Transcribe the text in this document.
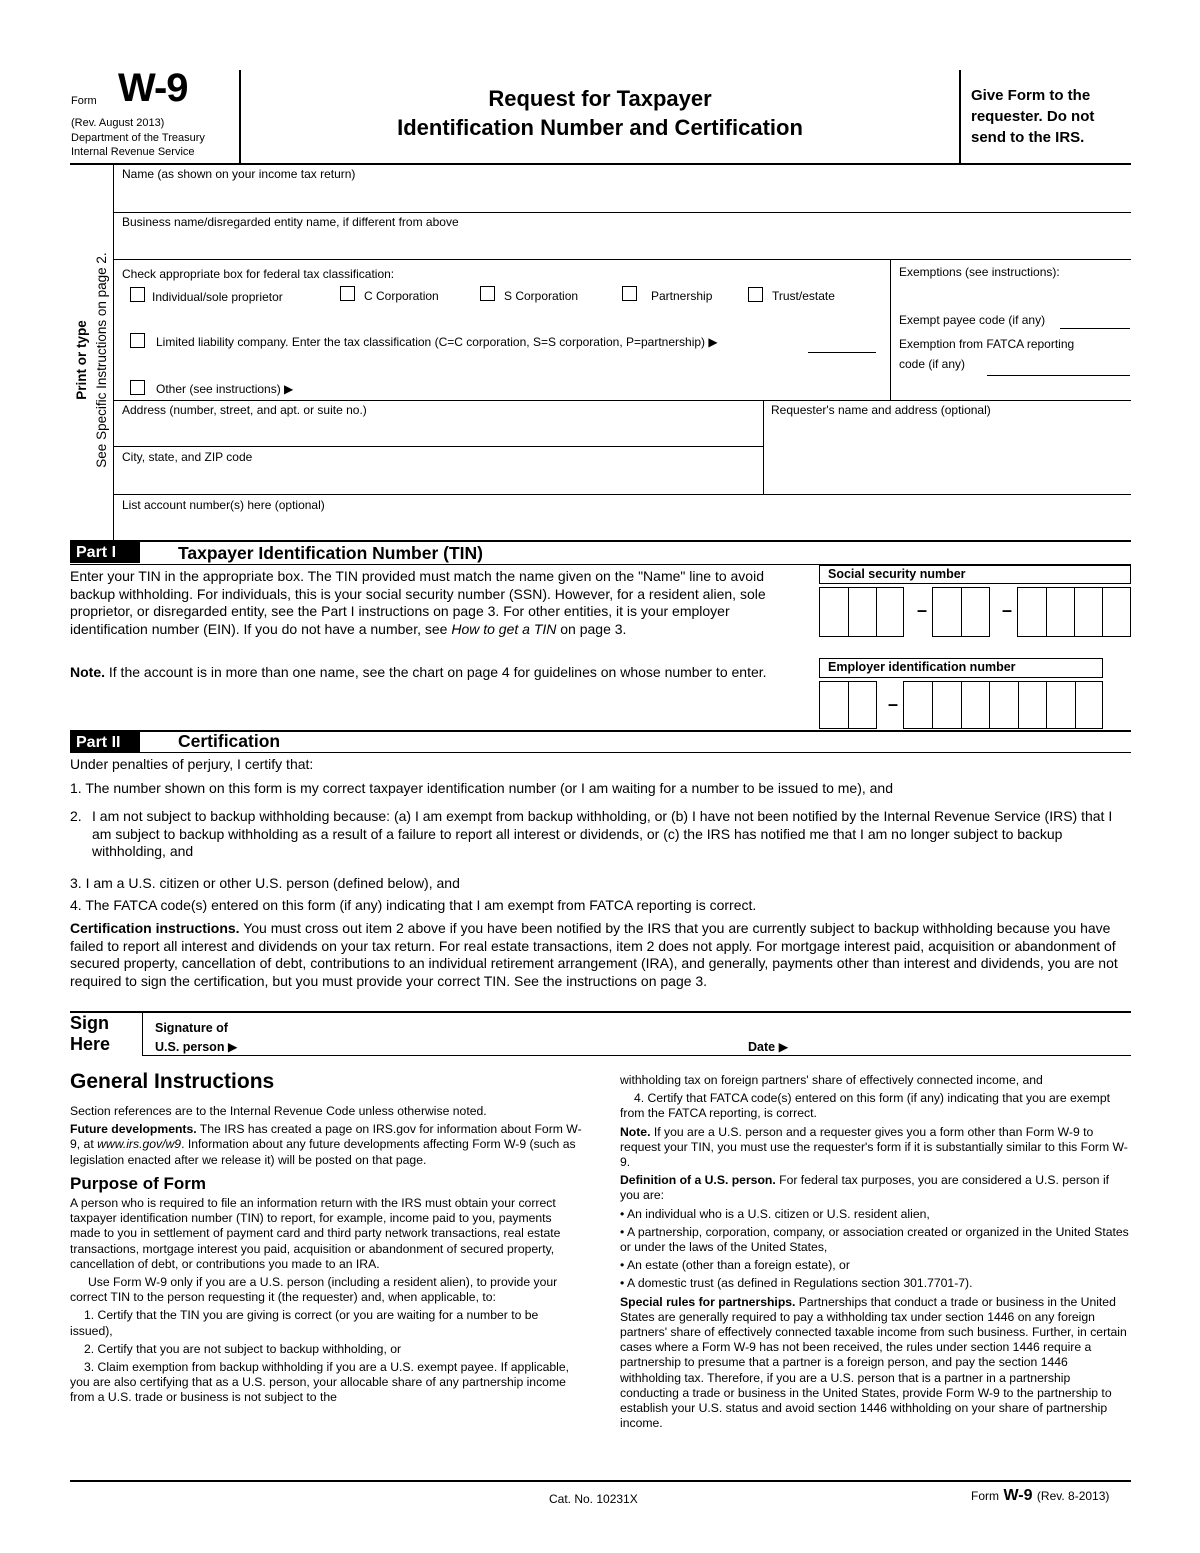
Form W-9
(Rev. August 2013)
Department of the Treasury
Internal Revenue Service
Request for Taxpayer
Identification Number and Certification
Give Form to the
requester. Do not
send to the IRS.
Print or type See Specific Instructions on page 2.
Name (as shown on your income tax return)
Business name/disregarded entity name, if different from above
Check appropriate box for federal tax classification:
Individual/sole proprietor	C Corporation	S Corporation	Partnership	Trust/estate
Limited liability company. Enter the tax classification (C=C corporation, S=S corporation, P=partnership) ▶
Other (see instructions) ▶
Exemptions (see instructions):
Exempt payee code (if any)
Exemption from FATCA reporting
code (if any)
Address (number, street, and apt. or suite no.)	Requester's name and address (optional)
City, state, and ZIP code
List account number(s) here (optional)
Part I	Taxpayer Identification Number (TIN)
Enter your TIN in the appropriate box. The TIN provided must match the name given on the "Name" line to avoid backup withholding. For individuals, this is your social security number (SSN). However, for a resident alien, sole proprietor, or disregarded entity, see the Part I instructions on page 3. For other entities, it is your employer identification number (EIN). If you do not have a number, see How to get a TIN on page 3.
Note. If the account is in more than one name, see the chart on page 4 for guidelines on whose number to enter.
Social security number
–	–
Employer identification number
–
Part II	Certification
Under penalties of perjury, I certify that:
1. The number shown on this form is my correct taxpayer identification number (or I am waiting for a number to be issued to me), and
2. I am not subject to backup withholding because: (a) I am exempt from backup withholding, or (b) I have not been notified by the Internal Revenue Service (IRS) that I am subject to backup withholding as a result of a failure to report all interest or dividends, or (c) the IRS has notified me that I am no longer subject to backup withholding, and
3. I am a U.S. citizen or other U.S. person (defined below), and
4. The FATCA code(s) entered on this form (if any) indicating that I am exempt from FATCA reporting is correct.
Certification instructions. You must cross out item 2 above if you have been notified by the IRS that you are currently subject to backup withholding because you have failed to report all interest and dividends on your tax return. For real estate transactions, item 2 does not apply. For mortgage interest paid, acquisition or abandonment of secured property, cancellation of debt, contributions to an individual retirement arrangement (IRA), and generally, payments other than interest and dividends, you are not required to sign the certification, but you must provide your correct TIN. See the instructions on page 3.
Sign
Here
Signature of
U.S. person ▶	Date ▶
General Instructions

Section references are to the Internal Revenue Code unless otherwise noted.

Future developments. The IRS has created a page on IRS.gov for information about Form W-9, at www.irs.gov/w9. Information about any future developments affecting Form W-9 (such as legislation enacted after we release it) will be posted on that page.

Purpose of Form

A person who is required to file an information return with the IRS must obtain your correct taxpayer identification number (TIN) to report, for example, income paid to you, payments made to you in settlement of payment card and third party network transactions, real estate transactions, mortgage interest you paid, acquisition or abandonment of secured property, cancellation of debt, or contributions you made to an IRA.

Use Form W-9 only if you are a U.S. person (including a resident alien), to provide your correct TIN to the person requesting it (the requester) and, when applicable, to:

1. Certify that the TIN you are giving is correct (or you are waiting for a number to be issued),

2. Certify that you are not subject to backup withholding, or

3. Claim exemption from backup withholding if you are a U.S. exempt payee. If applicable, you are also certifying that as a U.S. person, your allocable share of any partnership income from a U.S. trade or business is not subject to the

withholding tax on foreign partners' share of effectively connected income, and

4. Certify that FATCA code(s) entered on this form (if any) indicating that you are exempt from the FATCA reporting, is correct.

Note. If you are a U.S. person and a requester gives you a form other than Form W-9 to request your TIN, you must use the requester's form if it is substantially similar to this Form W-9.

Definition of a U.S. person. For federal tax purposes, you are considered a U.S. person if you are:

• An individual who is a U.S. citizen or U.S. resident alien,

• A partnership, corporation, company, or association created or organized in the United States or under the laws of the United States,

• An estate (other than a foreign estate), or

• A domestic trust (as defined in Regulations section 301.7701-7).

Special rules for partnerships. Partnerships that conduct a trade or business in the United States are generally required to pay a withholding tax under section 1446 on any foreign partners' share of effectively connected taxable income from such business. Further, in certain cases where a Form W-9 has not been received, the rules under section 1446 require a partnership to presume that a partner is a foreign person, and pay the section 1446 withholding tax. Therefore, if you are a U.S. person that is a partner in a partnership conducting a trade or business in the United States, provide Form W-9 to the partnership to establish your U.S. status and avoid section 1446 withholding on your share of partnership income.

Cat. No. 10231X	Form W-9 (Rev. 8-2013)
